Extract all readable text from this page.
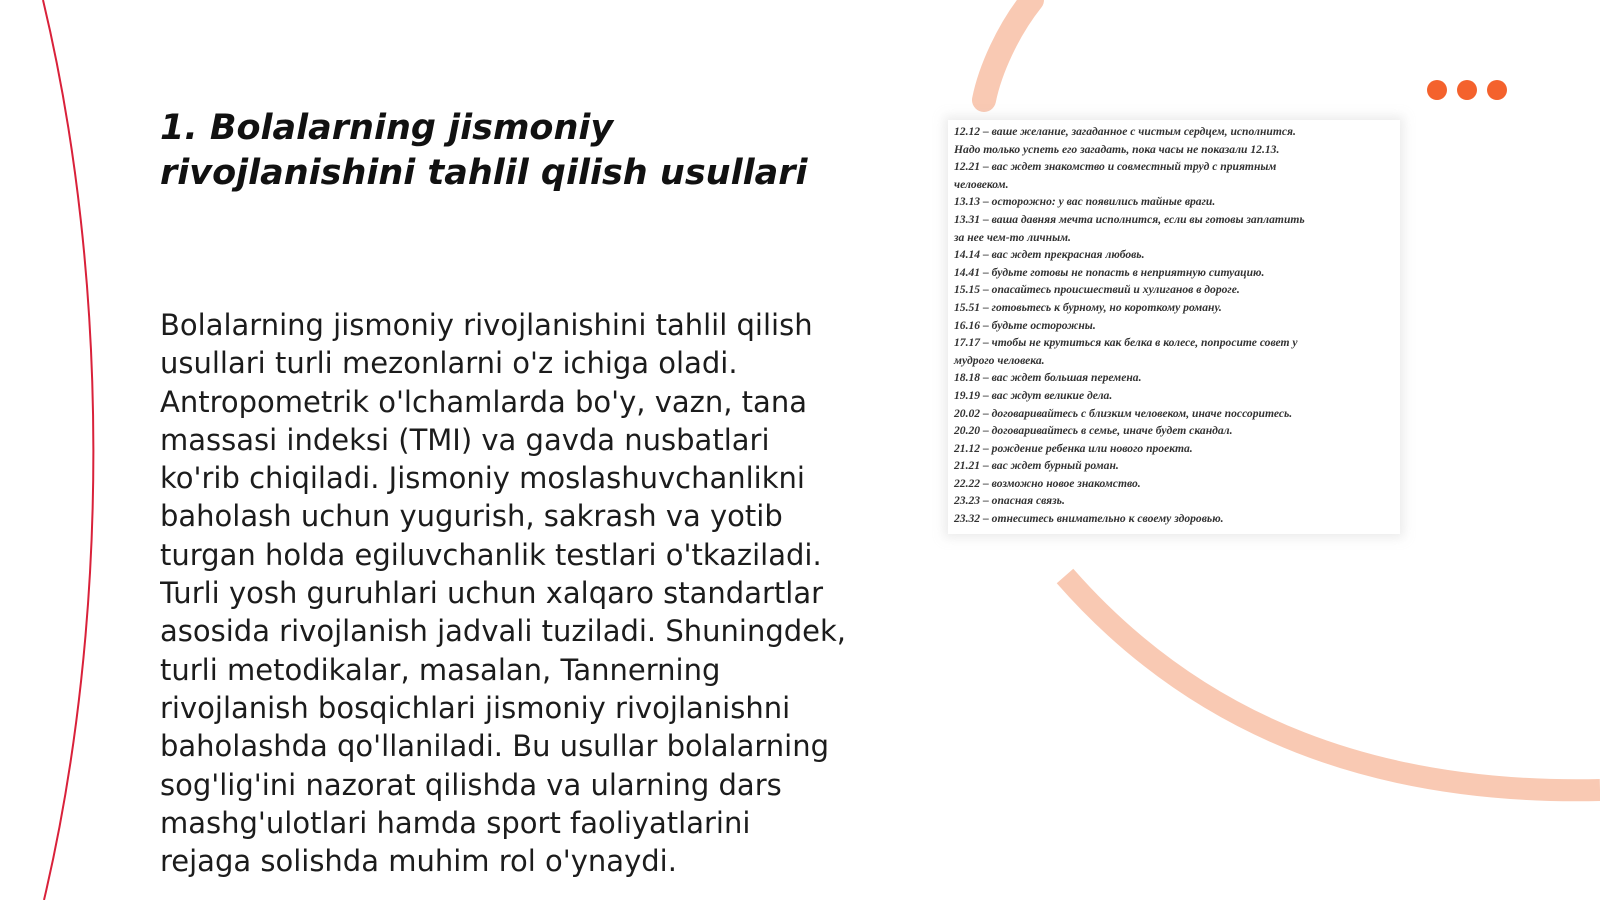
1. Bolalarning jismoniy rivojlanishini tahlil qilish usullari

Bolalarning jismoniy rivojlanishini tahlil qilish usullari turli mezonlarni o'z ichiga oladi. Antropometrik o'lchamlarda bo'y, vazn, tana massasi indeksi (TMI) va gavda nusbatlari ko'rib chiqiladi. Jismoniy moslashuvchanlikni baholash uchun yugurish, sakrash va yotib turgan holda egiluvchanlik testlari o'tkaziladi. Turli yosh guruhlari uchun xalqaro standartlar asosida rivojlanish jadvali tuziladi. Shuningdek, turli metodikalar, masalan, Tannerning rivojlanish bosqichlari jismoniy rivojlanishni baholashda qo'llaniladi. Bu usullar bolalarning sog'lig'ini nazorat qilishda va ularning dars mashg'ulotlari hamda sport faoliyatlarini rejaga solishda muhim rol o'ynaydi.

12.12 – ваше желание, загаданное с чистым сердцем, исполнится.
Надо только успеть его загадать, пока часы не показали 12.13.
12.21 – вас ждет знакомство и совместный труд с приятным
человеком.
13.13 – осторожно: у вас появились тайные враги.
13.31 – ваша давняя мечта исполнится, если вы готовы заплатить
за нее чем-то личным.
14.14 – вас ждет прекрасная любовь.
14.41 – будьте готовы не попасть в неприятную ситуацию.
15.15 – опасайтесь происшествий и хулиганов в дороге.
15.51 – готовьтесь к бурному, но короткому роману.
16.16 – будьте осторожны.
17.17 – чтобы не крутиться как белка в колесе, попросите совет у
мудрого человека.
18.18 – вас ждет большая перемена.
19.19 – вас ждут великие дела.
20.02 – договаривайтесь с близким человеком, иначе поссоритесь.
20.20 – договаривайтесь в семье, иначе будет скандал.
21.12 – рождение ребенка или нового проекта.
21.21 – вас ждет бурный роман.
22.22 – возможно новое знакомство.
23.23 – опасная связь.
23.32 – отнеситесь внимательно к своему здоровью.
